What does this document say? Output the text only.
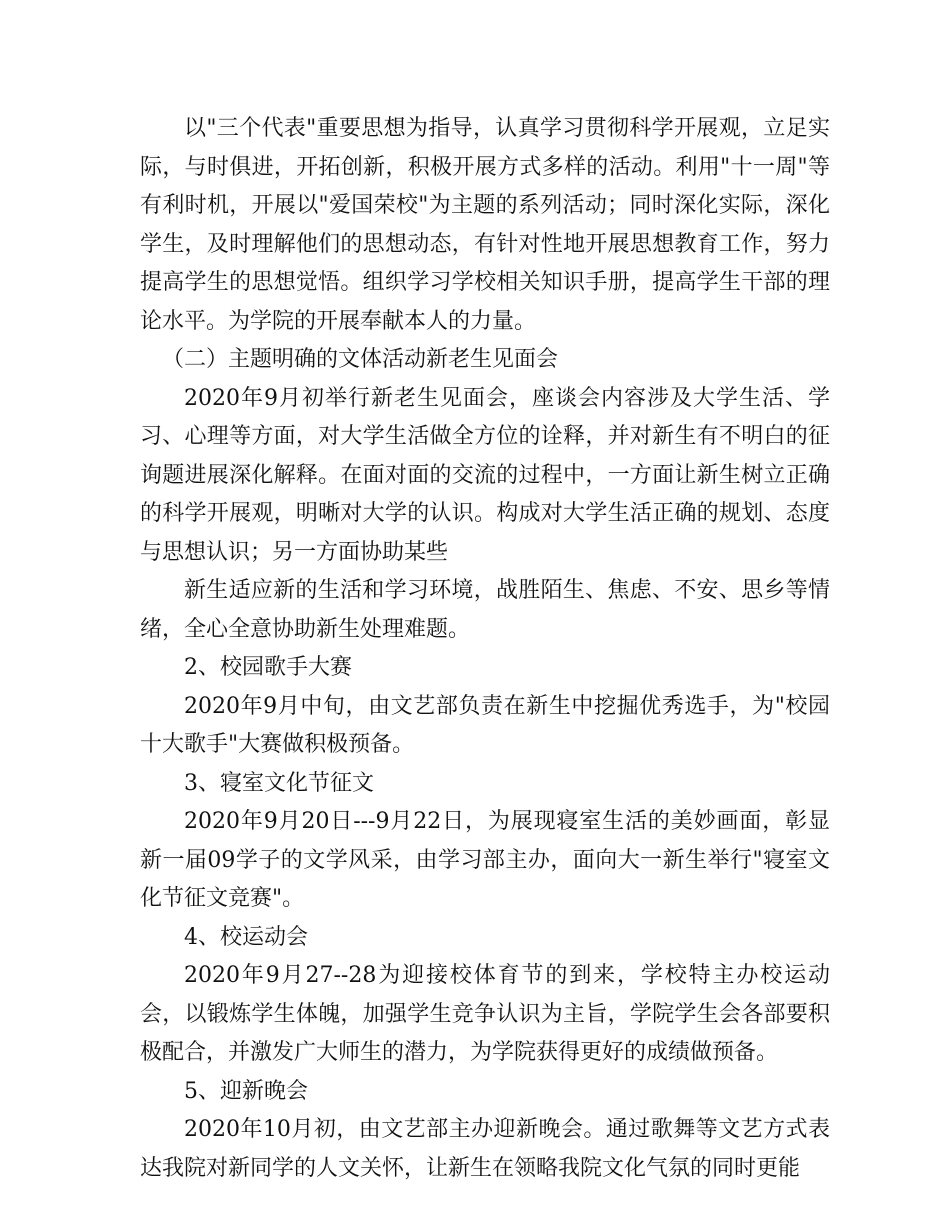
以"三个代表"重要思想为指导，认真学习贯彻科学开展观，立足实际，与时俱进，开拓创新，积极开展方式多样的活动。利用"十一周"等有利时机，开展以"爱国荣校"为主题的系列活动；同时深化实际，深化学生，及时理解他们的思想动态，有针对性地开展思想教育工作，努力提高学生的思想觉悟。组织学习学校相关知识手册，提高学生干部的理论水平。为学院的开展奉献本人的力量。

（二）主题明确的文体活动新老生见面会

2020年9月初举行新老生见面会，座谈会内容涉及大学生活、学习、心理等方面，对大学生活做全方位的诠释，并对新生有不明白的征询题进展深化解释。在面对面的交流的过程中，一方面让新生树立正确的科学开展观，明晰对大学的认识。构成对大学生活正确的规划、态度与思想认识；另一方面协助某些

新生适应新的生活和学习环境，战胜陌生、焦虑、不安、思乡等情绪，全心全意协助新生处理难题。

2、校园歌手大赛

2020年9月中旬，由文艺部负责在新生中挖掘优秀选手，为"校园十大歌手"大赛做积极预备。

3、寝室文化节征文

2020年9月20日---9月22日，为展现寝室生活的美妙画面，彰显新一届09学子的文学风采，由学习部主办，面向大一新生举行"寝室文化节征文竞赛"。

4、校运动会

2020年9月27--28为迎接校体育节的到来，学校特主办校运动会，以锻炼学生体魄，加强学生竞争认识为主旨，学院学生会各部要积极配合，并激发广大师生的潜力，为学院获得更好的成绩做预备。

5、迎新晚会

2020年10月初，由文艺部主办迎新晚会。通过歌舞等文艺方式表达我院对新同学的人文关怀，让新生在领略我院文化气氛的同时更能
